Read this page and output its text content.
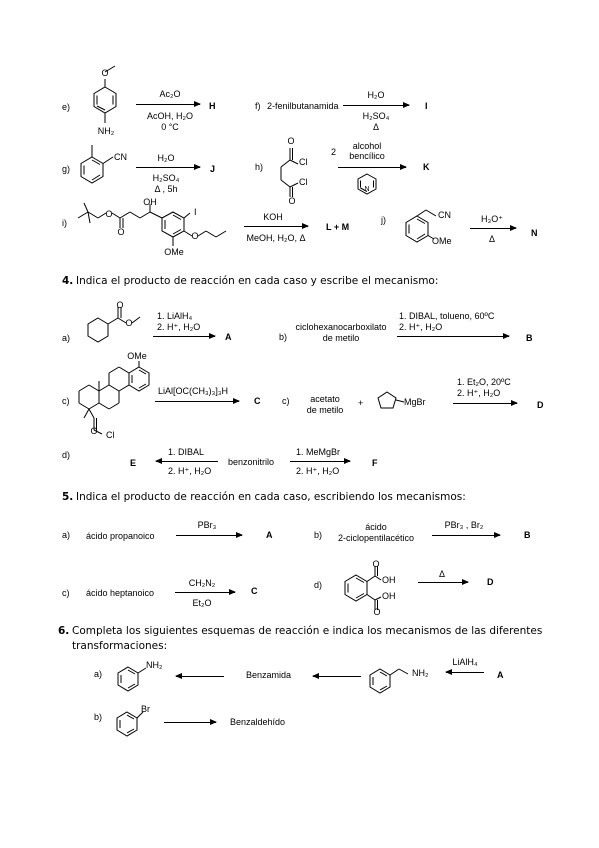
e)
O
NH₂
Ac₂O
AcOH, H₂O
0 °C
H	f) 2-fenilbutanamida
H₂O
H₂SO₄
Δ
I
g)
CN	H₂O
H₂SO₄
Δ , 5h
J	h)
O
Cl
Cl
O
2
alcohol
bencílico
N
K
i)
O
O
OH
I
O
OMe
KOH
MeOH, H₂O, Δ
L + M
j)	CN
OMe
H₃O⁺
Δ
N
4. Indica el producto de reacción en cada caso y escribe el mecanismo:
a)
O
O
1. LiAlH₄
2. H⁺, H₂O
A	b)
ciclohexanocarboxilato
de metilo
1. DIBAL, tolueno, 60ºC
2. H⁺, H₂O
B
c)
OMe
O Cl
LiAl[OC(CH₃)₃]₃H
C c) acetato
de metilo
+	MgBr
1. Et₂O, 20ºC
2. H⁺, H₂O
D
d)
E
1. DIBAL
2. H⁺, H₂O
benzonitrilo
1. MeMgBr
2. H⁺, H₂O
F
5. Indica el producto de reacción en cada caso, escribiendo los mecanismos:
a) ácido propanoico
PBr₃
A	b)
ácido
2-ciclopentilacético
PBr₃ , Br₂
B
c) ácido heptanoico
CH₂N₂
Et₂O
C
d)
O
OH
OH
O
Δ
D
6. Completa los siguientes esquemas de reacción e indica los mecanismos de las diferentes
transformaciones:
a)
NH₂
Benzamida	NH₂
LiAlH₄
A
b)
Br
Benzaldehído
